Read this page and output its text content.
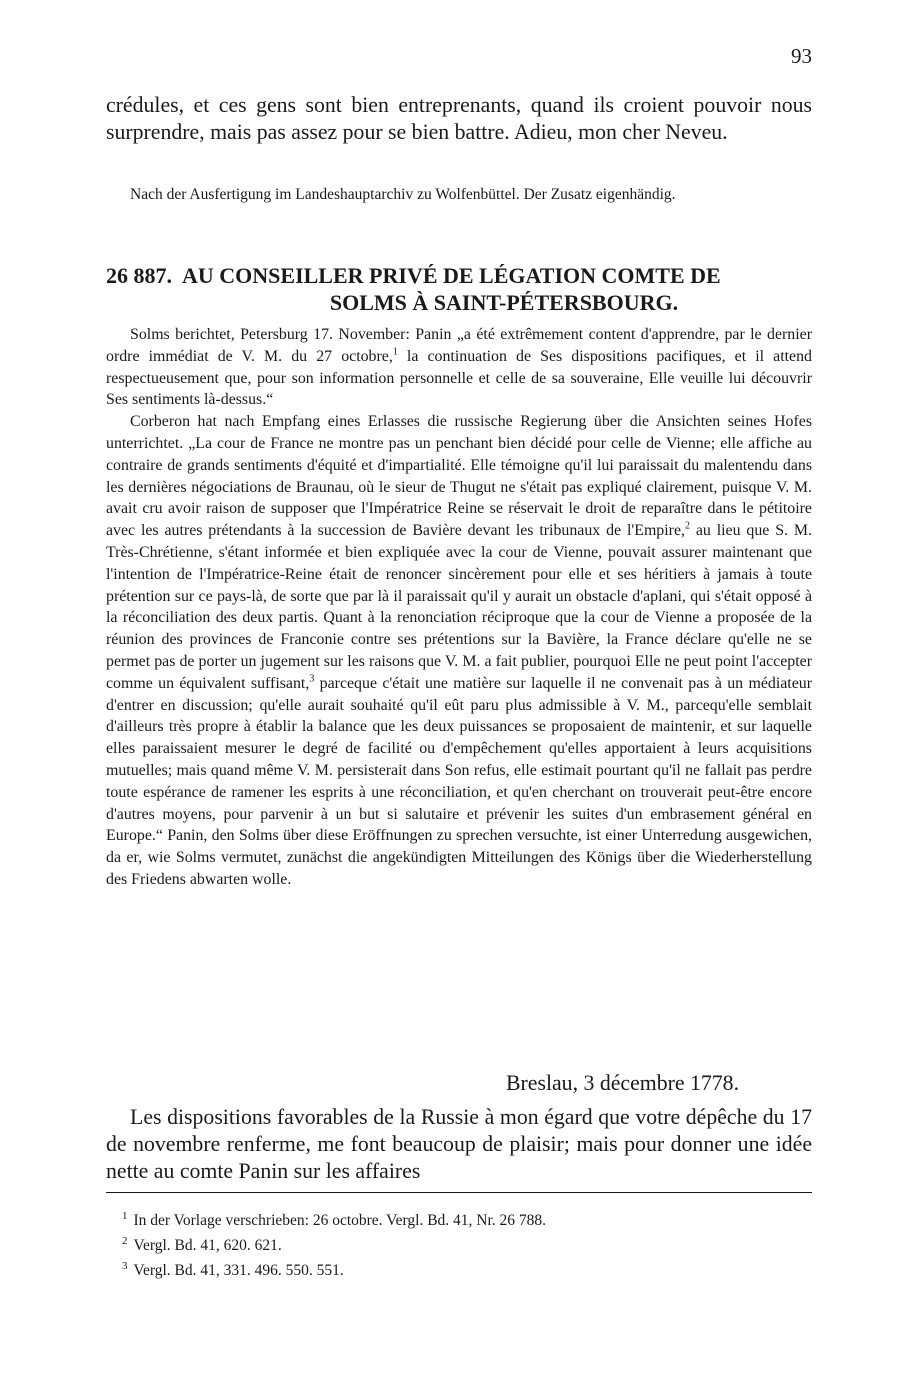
93

crédules, et ces gens sont bien entreprenants, quand ils croient pouvoir nous surprendre, mais pas assez pour se bien battre. Adieu, mon cher Neveu.

Nach der Ausfertigung im Landeshauptarchiv zu Wolfenbüttel. Der Zusatz eigenhändig.

26 887. AU CONSEILLER PRIVÉ DE LÉGATION COMTE DE
SOLMS À SAINT-PÉTERSBOURG.

Solms berichtet, Petersburg 17. November: Panin „a été extrêmement content d'apprendre, par le dernier ordre immédiat de V. M. du 27 octobre,$^1$ la continuation de Ses dispositions pacifiques, et il attend respectueusement que, pour son information personnelle et celle de sa souveraine, Elle veuille lui découvrir Ses sentiments là-dessus.“

Corberon hat nach Empfang eines Erlasses die russische Regierung über die Ansichten seines Hofes unterrichtet. „La cour de France ne montre pas un penchant bien décidé pour celle de Vienne; elle affiche au contraire de grands sentiments d'équité et d'impartialité. Elle témoigne qu'il lui paraissait du malentendu dans les dernières négociations de Braunau, où le sieur de Thugut ne s'était pas expliqué clairement, puisque V. M. avait cru avoir raison de supposer que l'Impératrice Reine se réservait le droit de reparaître dans le pétitoire avec les autres prétendants à la succession de Bavière devant les tribunaux de l'Empire,$^2$ au lieu que S. M. Très-Chrétienne, s'étant informée et bien expliquée avec la cour de Vienne, pouvait assurer maintenant que l'intention de l'Impératrice-Reine était de renoncer sincèrement pour elle et ses héritiers à jamais à toute prétention sur ce pays-là, de sorte que par là il paraissait qu'il y aurait un obstacle d'aplani, qui s'était opposé à la réconciliation des deux partis. Quant à la renonciation réciproque que la cour de Vienne a proposée de la réunion des provinces de Franconie contre ses prétentions sur la Bavière, la France déclare qu'elle ne se permet pas de porter un jugement sur les raisons que V. M. a fait publier, pourquoi Elle ne peut point l'accepter comme un équivalent suffisant,$^3$ parceque c'était une matière sur laquelle il ne convenait pas à un médiateur d'entrer en discussion; qu'elle aurait souhaité qu'il eût paru plus admissible à V. M., parcequ'elle semblait d'ailleurs très propre à établir la balance que les deux puissances se proposaient de maintenir, et sur laquelle elles paraissaient mesurer le degré de facilité ou d'empêchement qu'elles apportaient à leurs acquisitions mutuelles; mais quand même V. M. persisterait dans Son refus, elle estimait pourtant qu'il ne fallait pas perdre toute espérance de ramener les esprits à une réconciliation, et qu'en cherchant on trouverait peut-être encore d'autres moyens, pour parvenir à un but si salutaire et prévenir les suites d'un embrasement général en Europe.“ Panin, den Solms über diese Eröffnungen zu sprechen versuchte, ist einer Unterredung ausgewichen, da er, wie Solms vermutet, zunächst die angekündigten Mitteilungen des Königs über die Wiederherstellung des Friedens abwarten wolle.

Breslau, 3 décembre 1778.

Les dispositions favorables de la Russie à mon égard que votre dépêche du 17 de novembre renferme, me font beaucoup de plaisir; mais pour donner une idée nette au comte Panin sur les affaires

$^1$ In der Vorlage verschrieben: 26 octobre. Vergl. Bd. 41, Nr. 26 788.
$^2$ Vergl. Bd. 41, 620. 621.
$^3$ Vergl. Bd. 41, 331. 496. 550. 551.
